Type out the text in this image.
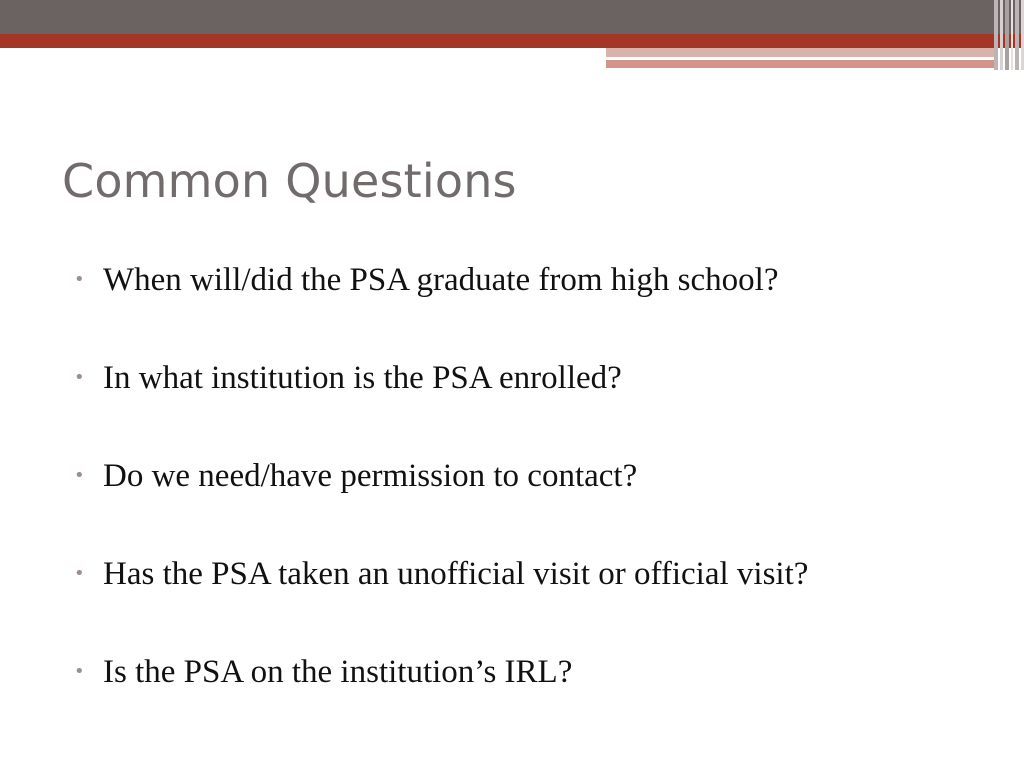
Common Questions
• When will/did the PSA graduate from high school?
• In what institution is the PSA enrolled?
• Do we need/have permission to contact?
• Has the PSA taken an unofficial visit or official visit?
• Is the PSA on the institution’s IRL?
